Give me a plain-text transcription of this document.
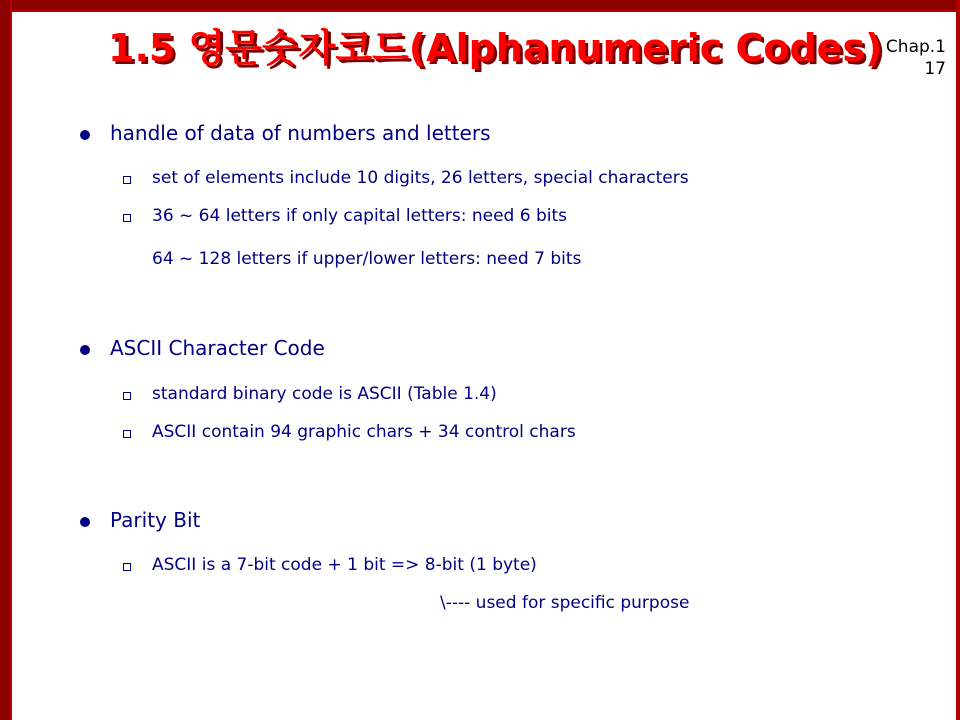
1.5 영문숫자코드(Alphanumeric Codes) Chap.1
17
handle of data of numbers and letters
set of elements include 10 digits, 26 letters, special characters
36 ~ 64 letters if only capital letters: need 6 bits
64 ~ 128 letters if upper/lower letters: need 7 bits
ASCII Character Code
standard binary code is ASCII (Table 1.4)
ASCII contain 94 graphic chars + 34 control chars
Parity Bit
ASCII is a 7-bit code + 1 bit => 8-bit (1 byte)
\---- used for specific purpose
